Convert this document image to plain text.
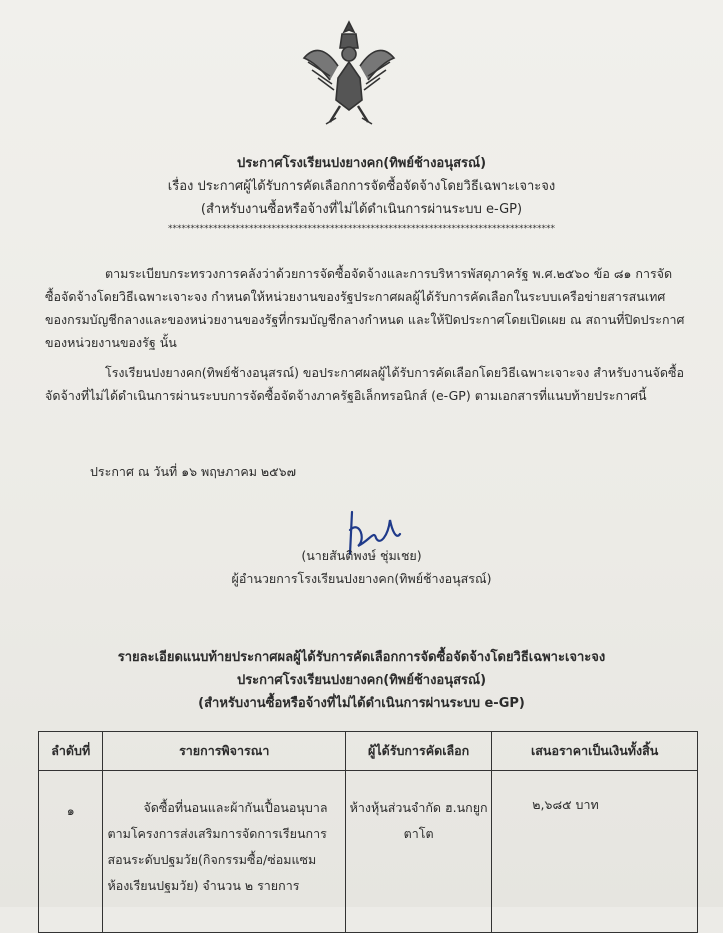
ประกาศโรงเรียนปงยางคก(ทิพย์ช้างอนุสรณ์)
เรื่อง ประกาศผู้ได้รับการคัดเลือกการจัดซื้อจัดจ้างโดยวิธีเฉพาะเจาะจง
(สำหรับงานซื้อหรือจ้างที่ไม่ได้ดำเนินการผ่านระบบ e-GP)
**************************************************************************************
ตามระเบียบกระทรวงการคลังว่าด้วยการจัดซื้อจัดจ้างและการบริหารพัสดุภาครัฐ พ.ศ.๒๕๖๐ ข้อ ๘๑ การจัดซื้อจัดจ้างโดยวิธีเฉพาะเจาะจง กำหนดให้หน่วยงานของรัฐประกาศผลผู้ได้รับการคัดเลือกในระบบเครือข่ายสารสนเทศของกรมบัญชีกลางและของหน่วยงานของรัฐที่กรมบัญชีกลางกำหนด และให้ปิดประกาศโดยเปิดเผย ณ สถานที่ปิดประกาศของหน่วยงานของรัฐ นั้น
โรงเรียนปงยางคก(ทิพย์ช้างอนุสรณ์) ขอประกาศผลผู้ได้รับการคัดเลือกโดยวิธีเฉพาะเจาะจง สำหรับงานจัดซื้อจัดจ้างที่ไม่ได้ดำเนินการผ่านระบบการจัดซื้อจัดจ้างภาครัฐอิเล็กทรอนิกส์ (e-GP) ตามเอกสารที่แนบท้ายประกาศนี้
ประกาศ ณ วันที่ ๑๖ พฤษภาคม ๒๕๖๗
(นายสันติพงษ์ ชุ่มเชย)
ผู้อำนวยการโรงเรียนปงยางคก(ทิพย์ช้างอนุสรณ์)
รายละเอียดแนบท้ายประกาศผลผู้ได้รับการคัดเลือกการจัดซื้อจัดจ้างโดยวิธีเฉพาะเจาะจง
ประกาศโรงเรียนปงยางคก(ทิพย์ช้างอนุสรณ์)
(สำหรับงานซื้อหรือจ้างที่ไม่ได้ดำเนินการผ่านระบบ e-GP)
ลำดับที่	รายการพิจารณา	ผู้ได้รับการคัดเลือก	เสนอราคาเป็นเงินทั้งสิ้น
๑	จัดซื้อที่นอนและผ้ากันเปื้อนอนุบาล ตามโครงการส่งเสริมการจัดการเรียนการสอนระดับปฐมวัย(กิจกรรมซื้อ/ซ่อมแซมห้องเรียนปฐมวัย) จำนวน ๒ รายการ	ห้างหุ้นส่วนจำกัด ฮ.นกยูกตาโต	๒,๖๘๕ บาท
